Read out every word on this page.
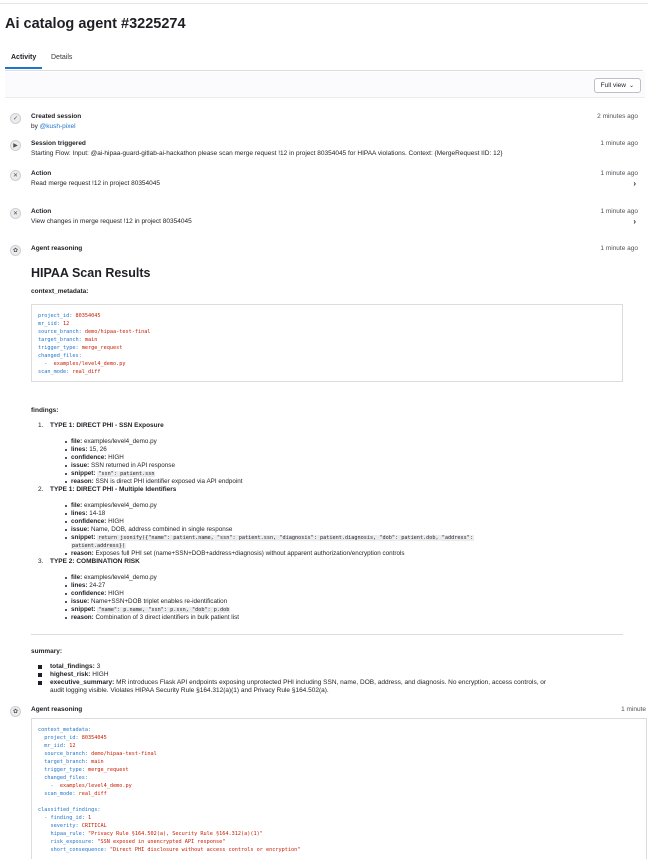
Ai catalog agent #3225274
Activity Details
Full view ⌄
✓	Created session	2 minutes ago
by @kush-pixel
▶	Session triggered	1 minute ago
Starting Flow: Input: @ai-hipaa-guard-gitlab-ai-hackathon please scan merge request !12 in project 80354045 for HIPAA violations. Context: {MergeRequest IID: 12}
✕	Action	1 minute ago
Read merge request !12 in project 80354045	›
✕	Action	1 minute ago
View changes in merge request !12 in project 80354045	›
✿	Agent reasoning	1 minute ago
HIPAA Scan Results
context_metadata:
project_id: 80354045
mr_iid: 12
source_branch: demo/hipaa-test-final
target_branch: main
trigger_type: merge_request
changed_files:
-  examples/level4_demo.py
scan_mode: real_diff
findings:
1. TYPE 1: DIRECT PHI - SSN Exposure
file: examples/level4_demo.py
lines: 15, 26
confidence: HIGH
issue: SSN returned in API response
snippet: "ssn": patient.ssn
reason: SSN is direct PHI identifier exposed via API endpoint
2. TYPE 1: DIRECT PHI - Multiple Identifiers
file: examples/level4_demo.py
lines: 14-18
confidence: HIGH
issue: Name, DOB, address combined in single response
snippet: return jsonify({"name": patient.name, "ssn": patient.ssn, "diagnosis": patient.diagnosis, "dob": patient.dob, "address":
patient.address})
reason: Exposes full PHI set (name+SSN+DOB+address+diagnosis) without apparent authorization/encryption controls
3. TYPE 2: COMBINATION RISK
file: examples/level4_demo.py
lines: 24-27
confidence: HIGH
issue: Name+SSN+DOB triplet enables re-identification
snippet: "name": p.name, "ssn": p.ssn, "dob": p.dob
reason: Combination of 3 direct identifiers in bulk patient list
summary:
total_findings: 3
highest_risk: HIGH
executive_summary: MR introduces Flask API endpoints exposing unprotected PHI including SSN, name, DOB, address, and diagnosis. No encryption, access controls, or
audit logging visible. Violates HIPAA Security Rule §164.312(a)(1) and Privacy Rule §164.502(a).
✿	Agent reasoning	1 minute
context_metadata:
project_id: 80354045
mr_iid: 12
source_branch: demo/hipaa-test-final
target_branch: main
trigger_type: merge_request
changed_files:
-  examples/level4_demo.py
scan_mode: real_diff
classified_findings:
- finding_id: 1
severity: CRITICAL
hipaa_rule: "Privacy Rule §164.502(a), Security Rule §164.312(a)(1)"
risk_exposure: "SSN exposed in unencrypted API response"
short_consequence: "Direct PHI disclosure without access controls or encryption"
